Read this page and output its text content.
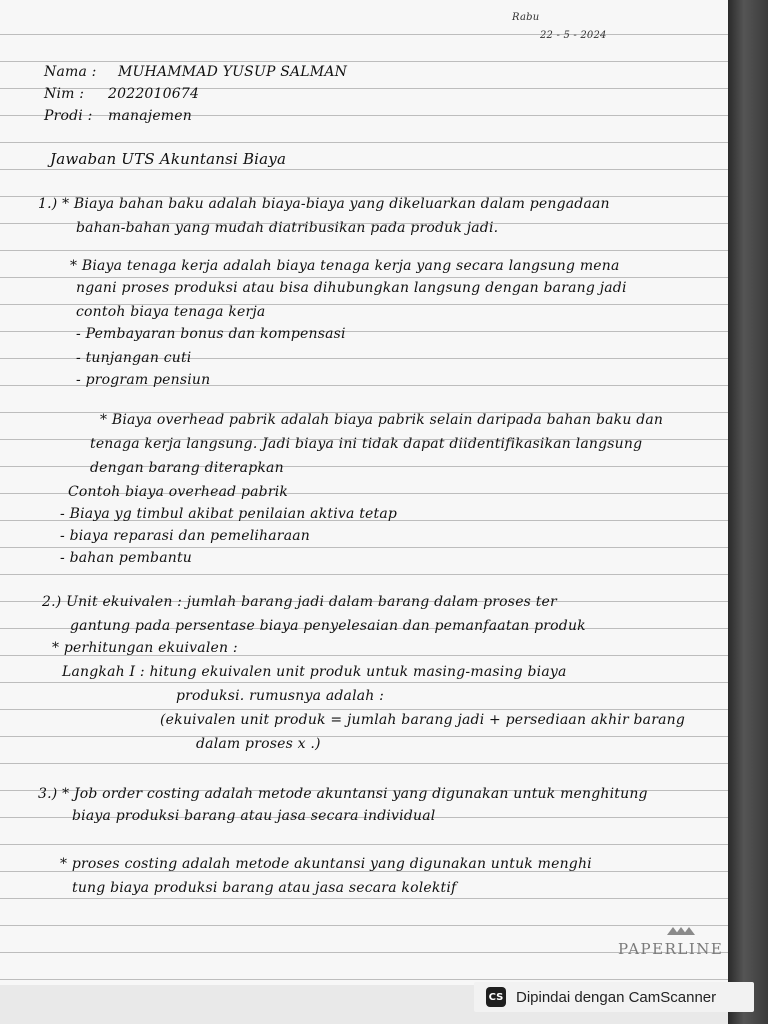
Rabu
22 - 5 - 2024
Nama : MUHAMMAD YUSUP SALMAN
Nim : 2022010674
Prodi : manajemen
Jawaban UTS Akuntansi Biaya
1.) * Biaya bahan baku adalah biaya-biaya yang dikeluarkan dalam pengadaan
bahan-bahan yang mudah diatribusikan pada produk jadi.
* Biaya tenaga kerja adalah biaya tenaga kerja yang secara langsung mena
ngani proses produksi atau bisa dihubungkan langsung dengan barang jadi
contoh biaya tenaga kerja
- Pembayaran bonus dan kompensasi
- tunjangan cuti
- program pensiun
* Biaya overhead pabrik adalah biaya pabrik selain daripada bahan baku dan
tenaga kerja langsung. Jadi biaya ini tidak dapat diidentifikasikan langsung
dengan barang diterapkan
Contoh biaya overhead pabrik
- Biaya yg timbul akibat penilaian aktiva tetap
- biaya reparasi dan pemeliharaan
- bahan pembantu
2.) Unit ekuivalen : jumlah barang jadi dalam barang dalam proses ter
gantung pada persentase biaya penyelesaian dan pemanfaatan produk
* perhitungan ekuivalen :
Langkah I : hitung ekuivalen unit produk untuk masing-masing biaya
produksi. rumusnya adalah :
(ekuivalen unit produk = jumlah barang jadi + persediaan akhir barang
dalam proses x .)
3.) * Job order costing adalah metode akuntansi yang digunakan untuk menghitung
biaya produksi barang atau jasa secara individual
* proses costing adalah metode akuntansi yang digunakan untuk menghi
tung biaya produksi barang atau jasa secara kolektif
PAPERLINE
CS Dipindai dengan CamScanner
